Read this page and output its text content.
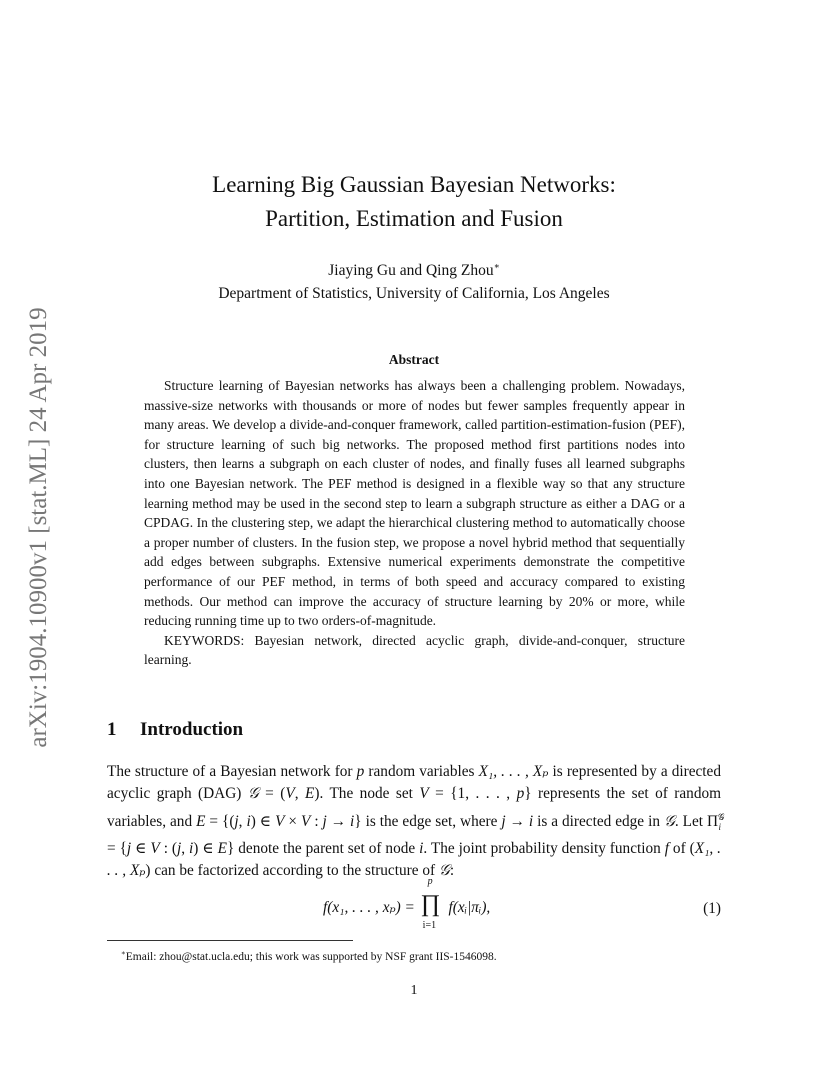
arXiv:1904.10900v1 [stat.ML] 24 Apr 2019
Learning Big Gaussian Bayesian Networks:
Partition, Estimation and Fusion
Jiaying Gu and Qing Zhou∗
Department of Statistics, University of California, Los Angeles
Abstract

Structure learning of Bayesian networks has always been a challenging problem. Nowadays, massive-size networks with thousands or more of nodes but fewer samples frequently appear in many areas. We develop a divide-and-conquer framework, called partition-estimation-fusion (PEF), for structure learning of such big networks. The proposed method first partitions nodes into clusters, then learns a subgraph on each cluster of nodes, and finally fuses all learned subgraphs into one Bayesian network. The PEF method is designed in a flexible way so that any structure learning method may be used in the second step to learn a subgraph structure as either a DAG or a CPDAG. In the clustering step, we adapt the hierarchical clustering method to automatically choose a proper number of clusters. In the fusion step, we propose a novel hybrid method that sequentially add edges between subgraphs. Extensive numerical experiments demonstrate the competitive performance of our PEF method, in terms of both speed and accuracy compared to existing methods. Our method can improve the accuracy of structure learning by 20% or more, while reducing running time up to two orders-of-magnitude.

KEYWORDS: Bayesian network, directed acyclic graph, divide-and-conquer, structure learning.

1 Introduction

The structure of a Bayesian network for p random variables X₁, . . . , Xₚ is represented by a directed acyclic graph (DAG) 𝒢 = (V, E). The node set V = {1, . . . , p} represents the set of random variables, and E = {(j, i) ∈ V × V : j → i} is the edge set, where j → i is a directed edge in 𝒢. Let $\Pi^𝒢_i = \{j$ ∈ V : (j, i) ∈ E} denote the parent set of node i. The joint probability density function f of (X₁, . . . , Xₚ) can be factorized according to the structure of 𝒢:

f(x₁, . . . , xₚ) =
p
∏
i=1
f(xᵢ|πᵢ),	(1)
∗Email: zhou@stat.ucla.edu; this work was supported by NSF grant IIS-1546098.
1
